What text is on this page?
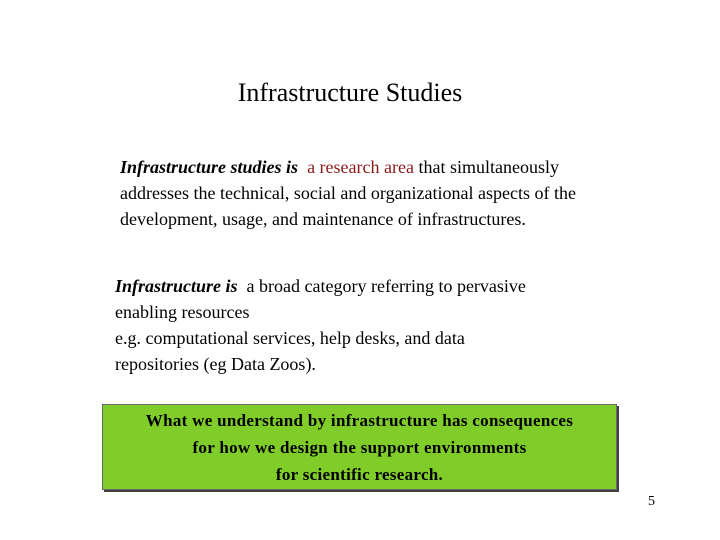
Infrastructure Studies
Infrastructure studies is a research area that simultaneously
addresses the technical, social and organizational aspects of the
development, usage, and maintenance of infrastructures.
Infrastructure is a broad category referring to pervasive
enabling resources
e.g. computational services, help desks, and data
repositories (eg Data Zoos).
What we understand by infrastructure has consequences
for how we design the support environments
for scientific research.
5
